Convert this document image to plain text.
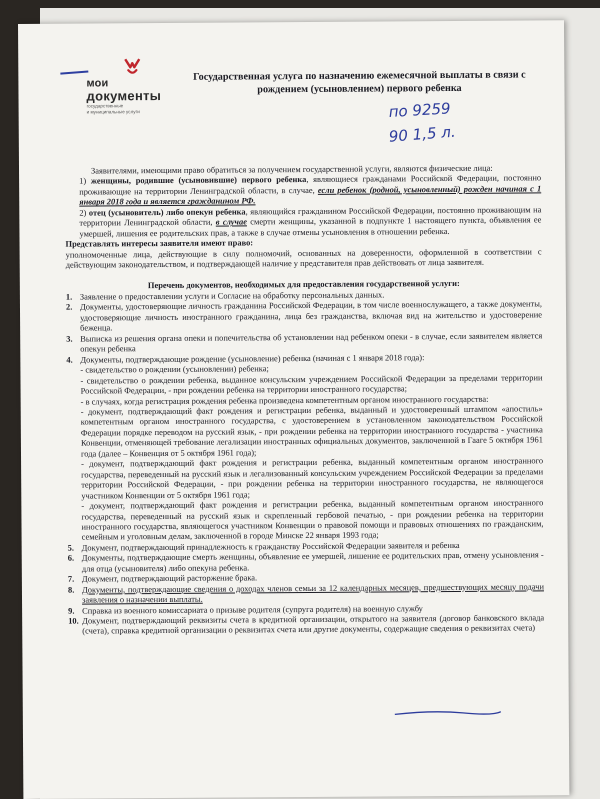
мои
документы
государственные
и муниципальные услуги
Государственная услуга по назначению ежемесячной выплаты в связи с рождением (усыновлением) первого ребенка
по 9259
90 1,5 л.

Заявителями, имеющими право обратиться за получением государственной услуги, являются физические лица:

1) женщины, родившие (усыновившие) первого ребенка, являющиеся гражданами Российской Федерации, постоянно проживающие на территории Ленинградской области, в случае, если ребенок (родной, усыновленный) рожден начиная с 1 января 2018 года и является гражданином РФ.

2) отец (усыновитель) либо опекун ребенка, являющийся гражданином Российской Федерации, постоянно проживающим на территории Ленинградской области, в случае смерти женщины, указанной в подпункте 1 настоящего пункта, объявления ее умершей, лишения ее родительских прав, а также в случае отмены усыновления в отношении ребенка.

Представлять интересы заявителя имеют право:

уполномоченные лица, действующие в силу полномочий, основанных на доверенности, оформленной в соответствии с действующим законодательством, и подтверждающей наличие у представителя прав действовать от лица заявителя.

Перечень документов, необходимых для предоставления государственной услуги:

1. Заявление о предоставлении услуги и Согласие на обработку персональных данных.
2. Документы, удостоверяющие личность гражданина Российской Федерации, в том числе военнослужащего, а также документы, удостоверяющие личность иностранного гражданина, лица без гражданства, включая вид на жительство и удостоверение беженца.
3. Выписка из решения органа опеки и попечительства об установлении над ребенком опеки - в случае, если заявителем является опекун ребенка
4. Документы, подтверждающие рождение (усыновление) ребенка (начиная с 1 января 2018 года):

- свидетельство о рождении (усыновлении) ребенка;

- свидетельство о рождении ребенка, выданное консульским учреждением Российской Федерации за пределами территории Российской Федерации, - при рождении ребенка на территории иностранного государства;

- в случаях, когда регистрация рождения ребенка произведена компетентным органом иностранного государства:

- документ, подтверждающий факт рождения и регистрации ребенка, выданный и удостоверенный штампом «апостиль» компетентным органом иностранного государства, с удостоверением в установленном законодательством Российской Федерации порядке переводом на русский язык, - при рождении ребенка на территории иностранного государства - участника Конвенции, отменяющей требование легализации иностранных официальных документов, заключенной в Гааге 5 октября 1961 года (далее – Конвенция от 5 октября 1961 года);

- документ, подтверждающий факт рождения и регистрации ребенка, выданный компетентным органом иностранного государства, переведенный на русский язык и легализованный консульским учреждением Российской Федерации за пределами территории Российской Федерации, - при рождении ребенка на территории иностранного государства, не являющегося участником Конвенции от 5 октября 1961 года;

- документ, подтверждающий факт рождения и регистрации ребенка, выданный компетентным органом иностранного государства, переведенный на русский язык и скрепленный гербовой печатью, - при рождении ребенка на территории иностранного государства, являющегося участником Конвенции о правовой помощи и правовых отношениях по гражданским, семейным и уголовным делам, заключенной в городе Минске 22 января 1993 года;

5. Документ, подтверждающий принадлежность к гражданству Российской Федерации заявителя и ребенка
6. Документы, подтверждающие смерть женщины, объявление ее умершей, лишение ее родительских прав, отмену усыновления - для отца (усыновителя) либо опекуна ребенка.
7. Документ, подтверждающий расторжение брака.
8. Документы, подтверждающие сведения о доходах членов семьи за 12 календарных месяцев, предшествующих месяцу подачи заявления о назначении выплаты.
9. Справка из военного комиссариата о призыве родителя (супруга родителя) на военную службу
10. Документ, подтверждающий реквизиты счета в кредитной организации, открытого на заявителя (договор банковского вклада (счета), справка кредитной организации о реквизитах счета или другие документы, содержащие сведения о реквизитах счета)
